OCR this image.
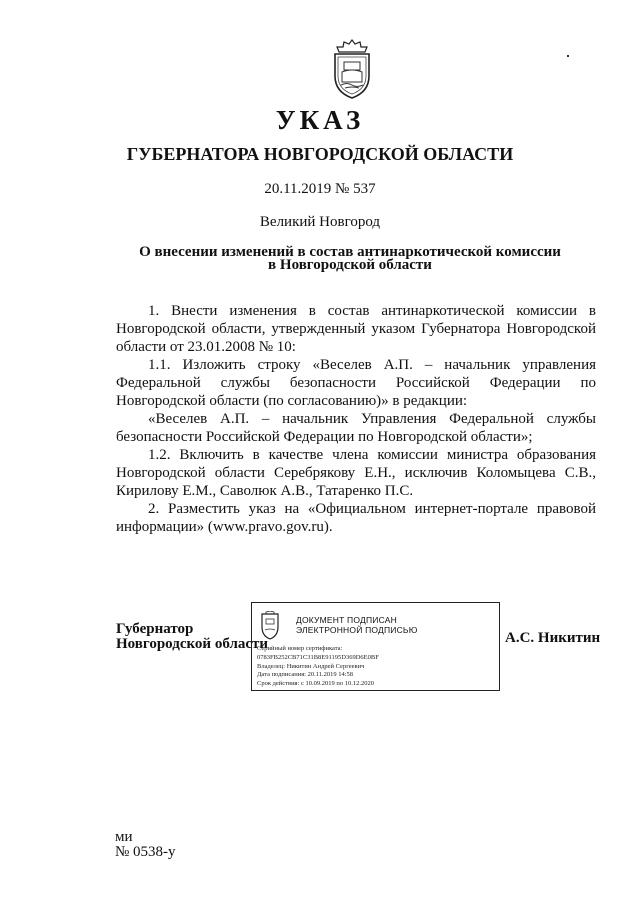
УКАЗ
ГУБЕРНАТОРА НОВГОРОДСКОЙ ОБЛАСТИ
20.11.2019 № 537
Великий Новгород
О внесении изменений в состав антинаркотической комиссии
в Новгородской области

1. Внести изменения в состав антинаркотической комиссии в Новгородской области, утвержденный указом Губернатора Новгородской области от 23.01.2008 № 10:

1.1. Изложить строку «Веселев А.П. – начальник управления Федеральной службы безопасности Российской Федерации по Новгородской области (по согласованию)» в редакции:

«Веселев А.П. – начальник Управления Федеральной службы безопасности Российской Федерации по Новгородской области»;

1.2. Включить в качестве члена комиссии министра образования Новгородской области Серебрякову Е.Н., исключив Коломыцева С.В., Кирилову Е.М., Саволюк А.В., Татаренко П.С.

2. Разместить указ на «Официальном интернет-портале правовой информации» (www.pravo.gov.ru).

Губернатор
Новгородской области
ДОКУМЕНТ ПОДПИСАН
ЭЛЕКТРОННОЙ ПОДПИСЬЮ
Серийный номер сертификата:
0783FB252CB71C31B8E91195D369D6E0BF
Владелец: Никитин Андрей Сергеевич
Дата подписания: 20.11.2019 14:58
Срок действия: с 10.09.2019 по 10.12.2020
А.С. Никитин
ми
№ 0538-у
